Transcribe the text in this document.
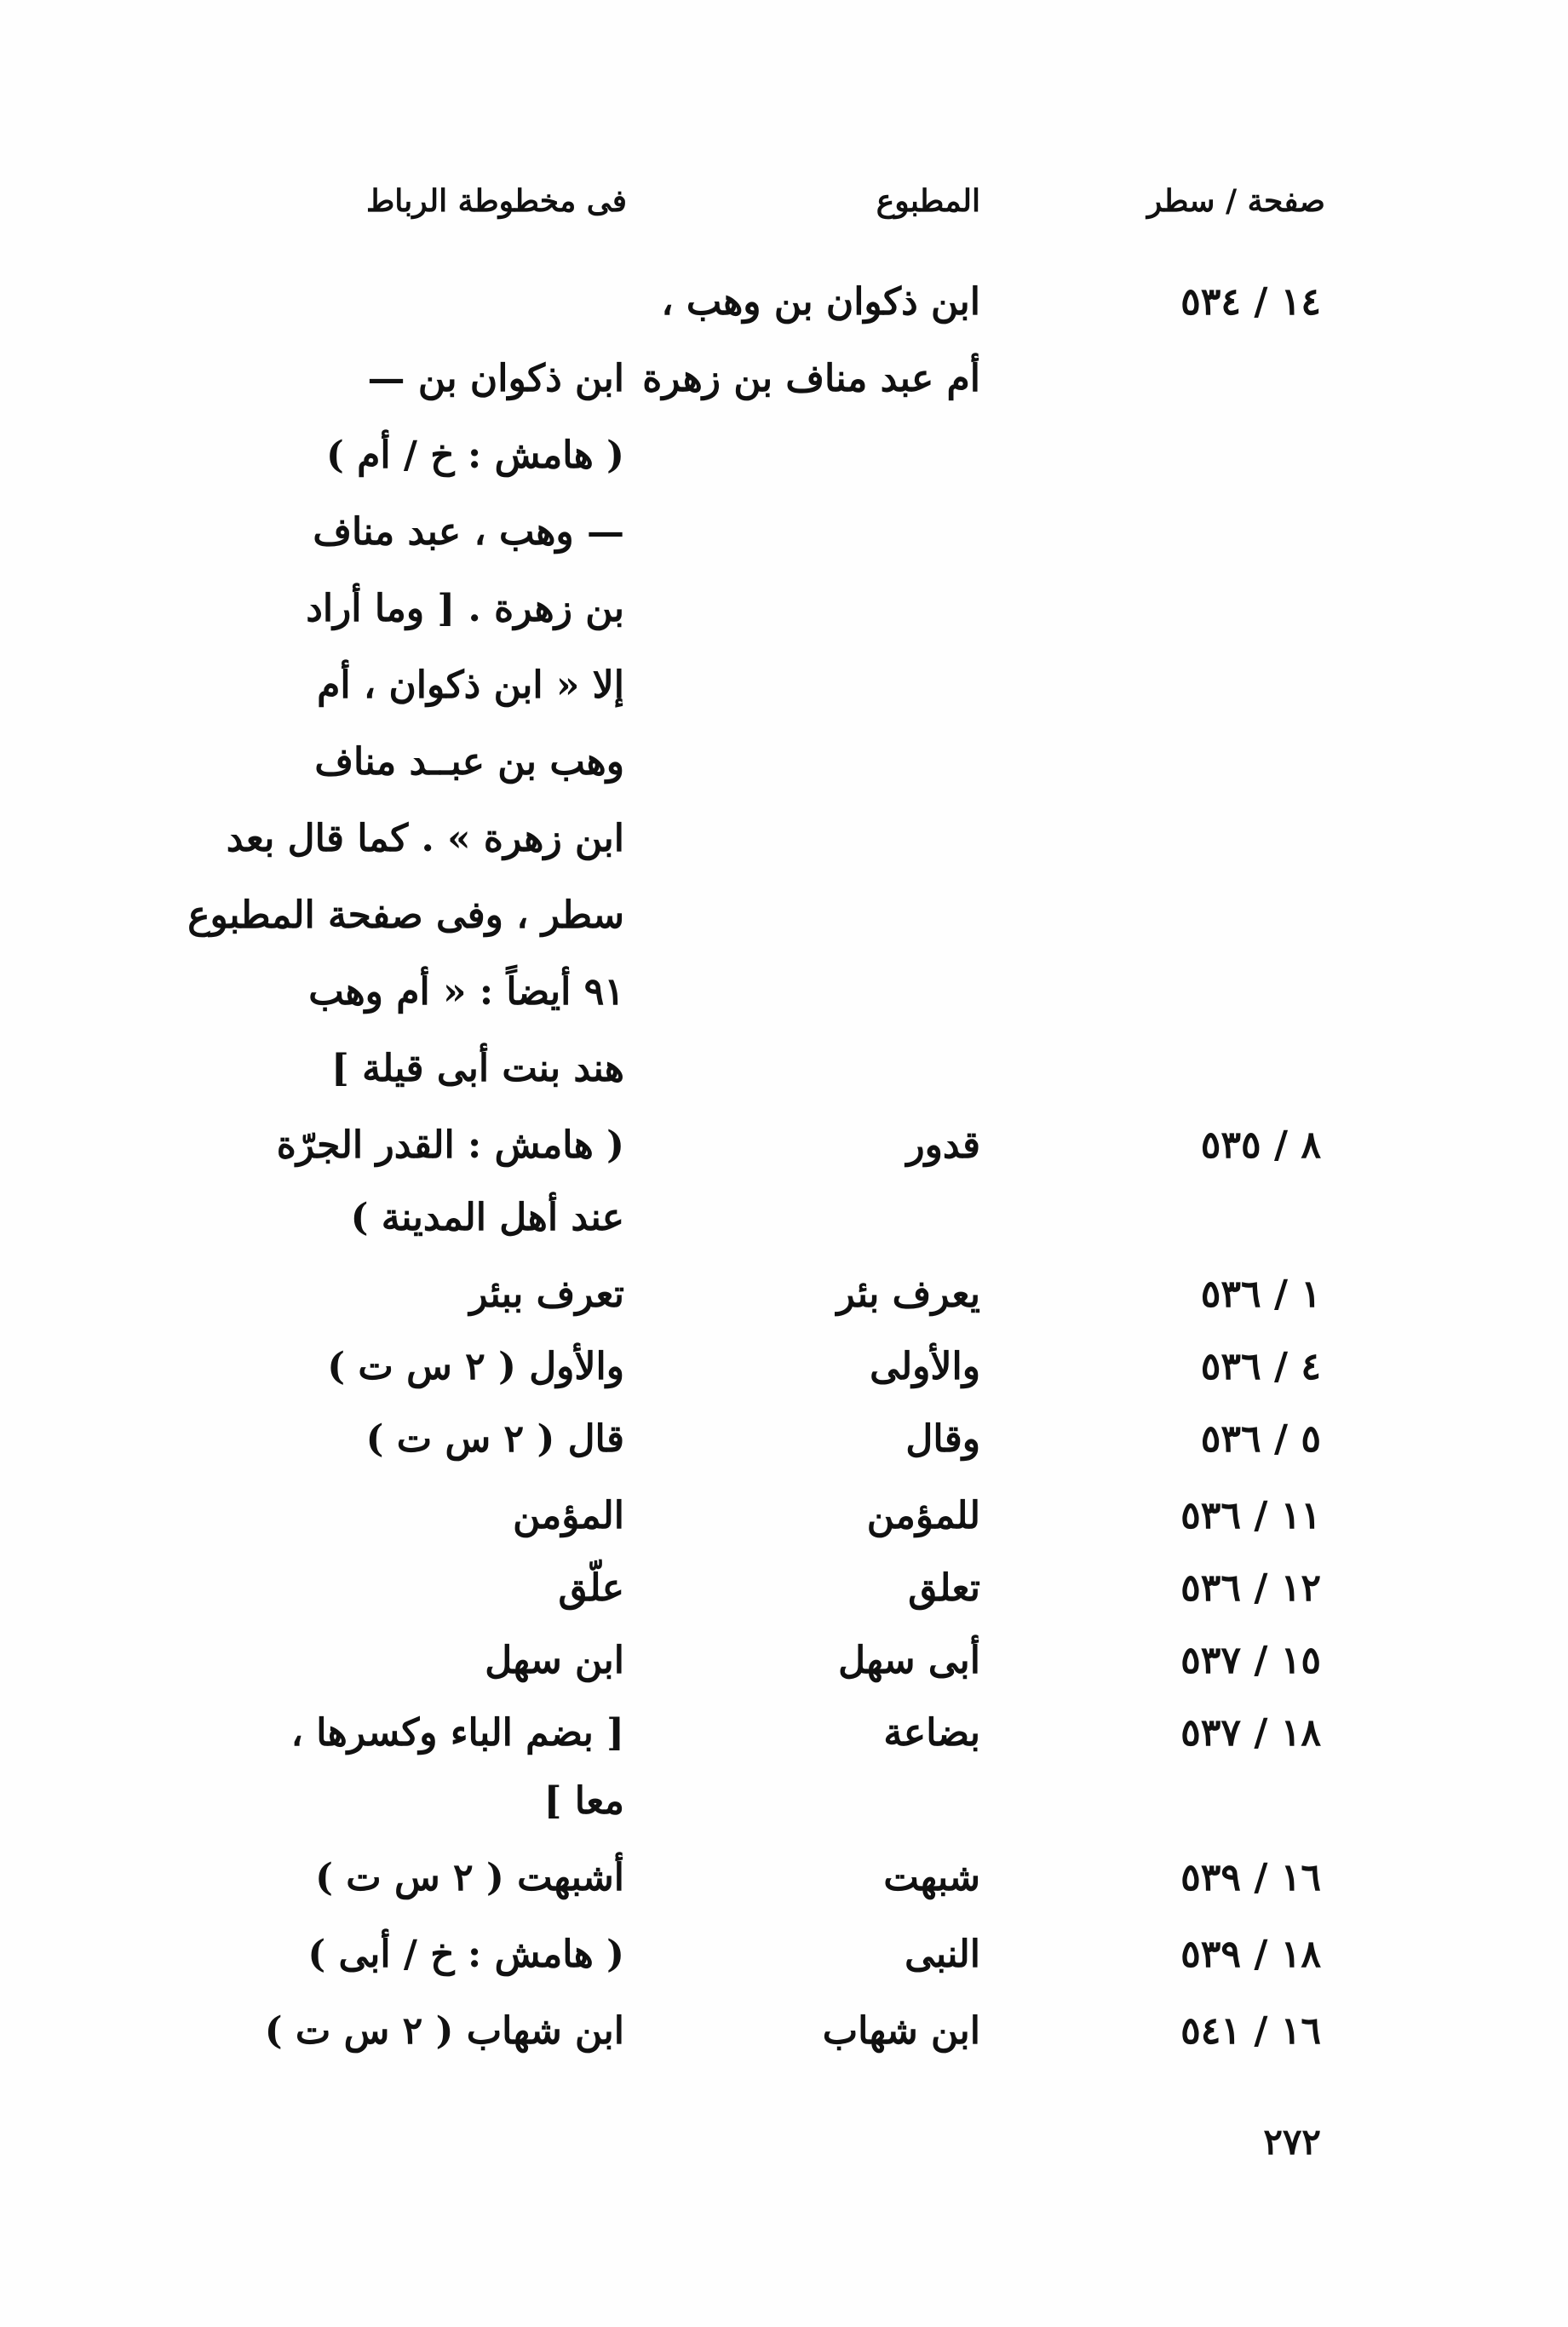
صفحة / سطر
المطبوع
فى مخطوطة الرباط
١٤ / ٥٣٤
ابن ذكوان بن وهب ،
أم عبد مناف بن زهرة
ابن ذكوان بن —
( هامش : خ / أم )
— وهب ، عبد مناف
بن زهرة . [ وما أراد
إلا « ابن ذكوان ، أم
وهب بن عبــد مناف
ابن زهرة » . كما قال بعد
سطر ، وفى صفحة المطبوع
٩١ أيضاً : « أم وهب
هند بنت أبى قيلة ]
٨ / ٥٣٥
قدور
( هامش : القدر الجرّة
عند أهل المدينة )
١ / ٥٣٦
يعرف بئر
تعرف ببئر
٤ / ٥٣٦
والأولى
والأول ( ٢ س ت )
٥ / ٥٣٦
وقال
قال ( ٢ س ت )
١١ / ٥٣٦
للمؤمن
المؤمن
١٢ / ٥٣٦
تعلق
علّق
١٥ / ٥٣٧
أبى سهل
ابن سهل
١٨ / ٥٣٧
بضاعة
[ بضم الباء وكسرها ،
معا ]
١٦ / ٥٣٩
شبهت
أشبهت ( ٢ س ت )
١٨ / ٥٣٩
النبى
( هامش : خ / أبى )
١٦ / ٥٤١
ابن شهاب
ابن شهاب ( ٢ س ت )
٢٧٢
